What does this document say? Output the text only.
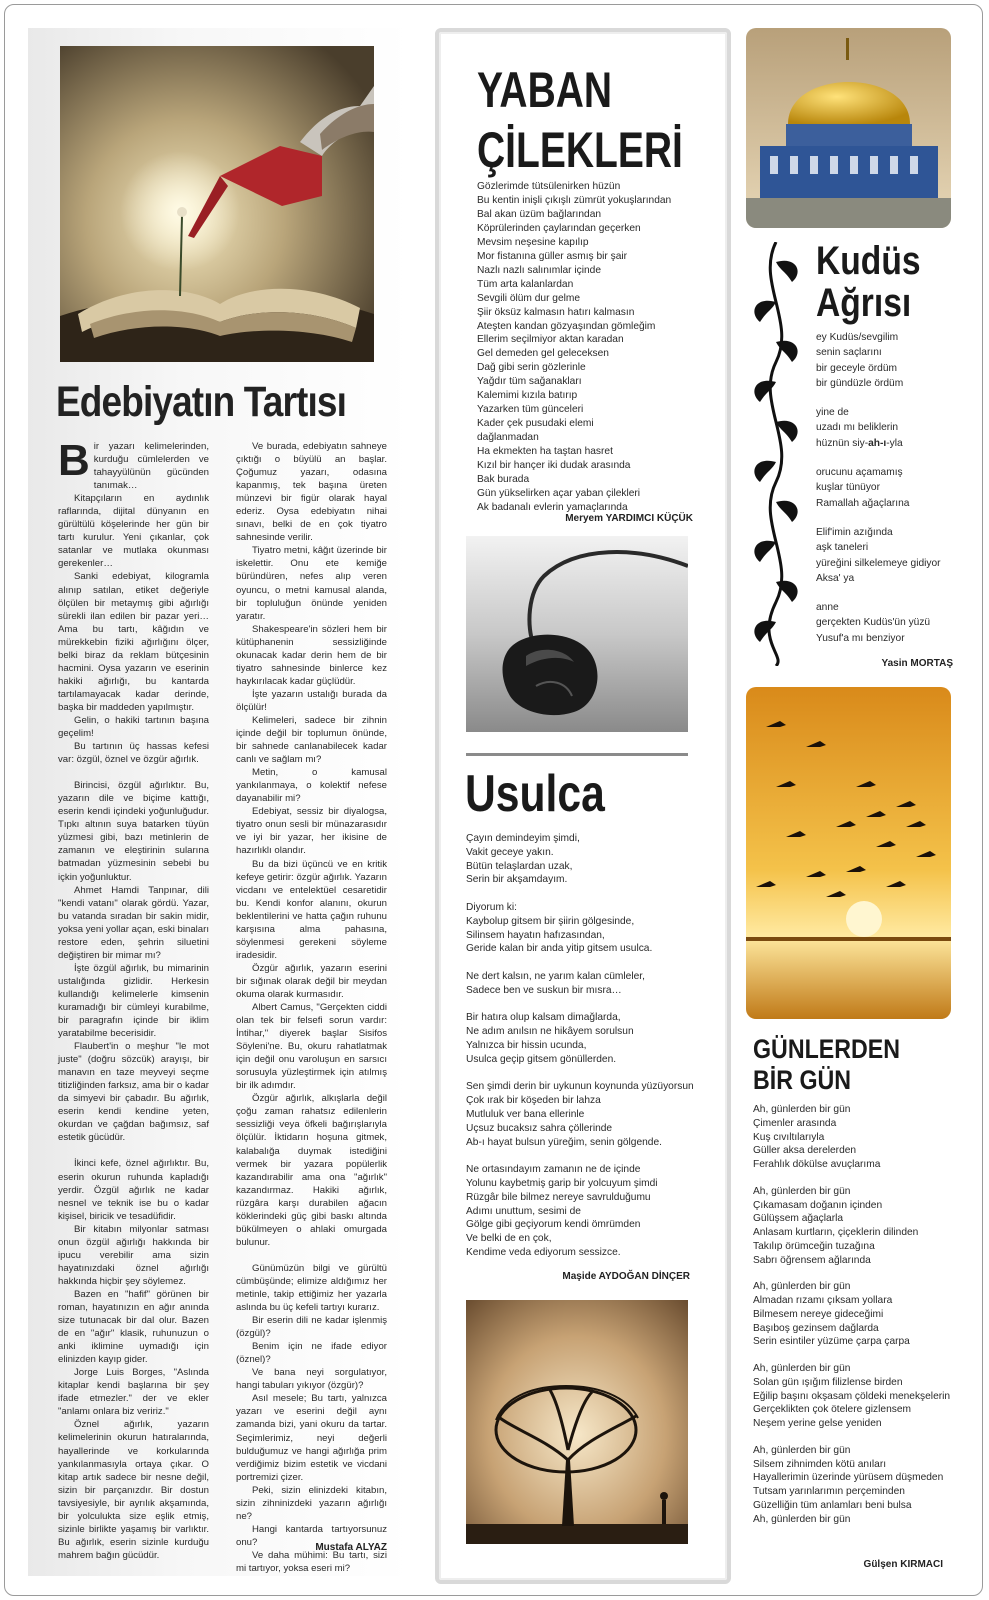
Edebiyatın Tartısı

Bir yazarı kelimelerinden, kurduğu cümlelerden ve tahayyülünün gücünden tanımak…

Kitapçıların en aydınlık raflarında, dijital dünyanın en gürültülü köşelerinde her gün bir tartı kurulur. Yeni çıkanlar, çok satanlar ve mutlaka okunması gerekenler…

Sanki edebiyat, kilogramla alınıp satılan, etiket değeriyle ölçülen bir metaymış gibi ağırlığı sürekli ilan edilen bir pazar yeri… Ama bu tartı, kâğıdın ve mürekkebin fiziki ağırlığını ölçer, belki biraz da reklam bütçesinin hacmini. Oysa yazarın ve eserinin hakiki ağırlığı, bu kantarda tartılamayacak kadar derinde, başka bir maddeden yapılmıştır.

Gelin, o hakiki tartının başına geçelim!

Bu tartının üç hassas kefesi var: özgül, öznel ve özgür ağırlık.

Birincisi, özgül ağırlıktır. Bu, yazarın dile ve biçime kattığı, eserin kendi içindeki yoğunluğudur. Tıpkı altının suya batarken tüyün yüzmesi gibi, bazı metinlerin de zamanın ve eleştirinin sularına batmadan yüzmesinin sebebi bu içkin yoğunluktur.

Ahmet Hamdi Tanpınar, dili "kendi vatanı" olarak gördü. Yazar, bu vatanda sıradan bir sakin midir, yoksa yeni yollar açan, eski binaları restore eden, şehrin siluetini değiştiren bir mimar mı?

İşte özgül ağırlık, bu mimarinin ustalığında gizlidir. Herkesin kullandığı kelimelerle kimsenin kuramadığı bir cümleyi kurabilme, bir paragrafın içinde bir iklim yaratabilme becerisidir.

Flaubert'in o meşhur "le mot juste" (doğru sözcük) arayışı, bir manavın en taze meyveyi seçme titizliğinden farksız, ama bir o kadar da simyevi bir çabadır. Bu ağırlık, eserin kendi kendine yeten, okurdan ve çağdan bağımsız, saf estetik gücüdür.

İkinci kefe, öznel ağırlıktır. Bu, eserin okurun ruhunda kapladığı yerdir. Özgül ağırlık ne kadar nesnel ve teknik ise bu o kadar kişisel, biricik ve tesadüfidir.

Bir kitabın milyonlar satması onun özgül ağırlığı hakkında bir ipucu verebilir ama sizin hayatınızdaki öznel ağırlığı hakkında hiçbir şey söylemez.

Bazen en "hafif" görünen bir roman, hayatınızın en ağır anında size tutunacak bir dal olur. Bazen de en "ağır" klasik, ruhunuzun o anki iklimine uymadığı için elinizden kayıp gider.

Jorge Luis Borges, "Aslında kitaplar kendi başlarına bir şey ifade etmezler." der ve ekler "anlamı onlara biz veririz."

Öznel ağırlık, yazarın kelimelerinin okurun hatıralarında, hayallerinde ve korkularında yankılanmasıyla ortaya çıkar. O kitap artık sadece bir nesne değil, sizin bir parçanızdır. Bir dostun tavsiyesiyle, bir ayrılık akşamında, bir yolculukta size eşlik etmiş, sizinle birlikte yaşamış bir varlıktır. Bu ağırlık, eserin sizinle kurduğu mahrem bağın gücüdür.

Ve burada, edebiyatın sahneye çıktığı o büyülü an başlar. Çoğumuz yazarı, odasına kapanmış, tek başına üreten münzevi bir figür olarak hayal ederiz. Oysa edebiyatın nihai sınavı, belki de en çok tiyatro sahnesinde verilir.

Tiyatro metni, kâğıt üzerinde bir iskelettir. Onu ete kemiğe büründüren, nefes alıp veren oyuncu, o metni kamusal alanda, bir topluluğun önünde yeniden yaratır.

Shakespeare'in sözleri hem bir kütüphanenin sessizliğinde okunacak kadar derin hem de bir tiyatro sahnesinde binlerce kez haykırılacak kadar güçlüdür.

İşte yazarın ustalığı burada da ölçülür!

Kelimeleri, sadece bir zihnin içinde değil bir toplumun önünde, bir sahnede canlanabilecek kadar canlı ve sağlam mı?

Metin, o kamusal yankılanmaya, o kolektif nefese dayanabilir mi?

Edebiyat, sessiz bir diyalogsa, tiyatro onun sesli bir münazarasıdır ve iyi bir yazar, her ikisine de hazırlıklı olandır.

Bu da bizi üçüncü ve en kritik kefeye getirir: özgür ağırlık. Yazarın vicdanı ve entelektüel cesaretidir bu. Kendi konfor alanını, okurun beklentilerini ve hatta çağın ruhunu karşısına alma pahasına, söylenmesi gerekeni söyleme iradesidir.

Özgür ağırlık, yazarın eserini bir sığınak olarak değil bir meydan okuma olarak kurmasıdır.

Albert Camus, "Gerçekten ciddi olan tek bir felsefi sorun vardır: İntihar," diyerek başlar Sisifos Söyleni'ne. Bu, okuru rahatlatmak için değil onu varoluşun en sarsıcı sorusuyla yüzleştirmek için atılmış bir ilk adımdır.

Özgür ağırlık, alkışlarla değil çoğu zaman rahatsız edilenlerin sessizliği veya öfkeli bağırışlarıyla ölçülür. İktidarın hoşuna gitmek, kalabalığa duymak istediğini vermek bir yazara popülerlik kazandırabilir ama ona "ağırlık" kazandırmaz. Hakiki ağırlık, rüzgâra karşı durabilen ağacın köklerindeki güç gibi baskı altında bükülmeyen o ahlaki omurgada bulunur.

Günümüzün bilgi ve gürültü cümbüşünde; elimize aldığımız her metinle, takip ettiğimiz her yazarla aslında bu üç kefeli tartıyı kurarız.

Bir eserin dili ne kadar işlenmiş (özgül)?

Benim için ne ifade ediyor (öznel)?

Ve bana neyi sorgulatıyor, hangi tabuları yıkıyor (özgür)?

Asıl mesele; Bu tartı, yalnızca yazarı ve eserini değil aynı zamanda bizi, yani okuru da tartar. Seçimlerimiz, neyi değerli bulduğumuz ve hangi ağırlığa prim verdiğimiz bizim estetik ve vicdani portremizi çizer.

Peki, sizin elinizdeki kitabın, sizin zihninizdeki yazarın ağırlığı ne?

Hangi kantarda tartıyorsunuz onu?

Ve daha mühimi: Bu tartı, sizi mi tartıyor, yoksa eseri mi?

Mustafa ALYAZ
YABAN
ÇİLEKLERİ
Gözlerimde tütsülenirken hüzün
Bu kentin inişli çıkışlı zümrüt yokuşlarından
Bal akan üzüm bağlarından
Köprülerinden çaylarından geçerken
Mevsim neşesine kapılıp
Mor fistanına güller asmış bir şair
Nazlı nazlı salınımlar içinde
Tüm arta kalanlardan
Sevgili ölüm dur gelme
Şiir öksüz kalmasın hatırı kalmasın
Ateşten kandan gözyaşından gömleğim
Ellerim seçilmiyor aktan karadan
Gel demeden gel geleceksen
Dağ gibi serin gözlerinle
Yağdır tüm sağanakları
Kalemimi kızıla batırıp
Yazarken tüm günceleri
Kader çek pusudaki elemi
dağlanmadan
Ha ekmekten ha taştan hasret
Kızıl bir hançer iki dudak arasında
Bak burada
Gün yükselirken açar yaban çilekleri
Ak badanalı evlerin yamaçlarında
Meryem YARDIMCI KÜÇÜK
Usulca
Çayın demindeyim şimdi,
Vakit geceye yakın.
Bütün telaşlardan uzak,
Serin bir akşamdayım.
Diyorum ki:
Kaybolup gitsem bir şiirin gölgesinde,
Silinsem hayatın hafızasından,
Geride kalan bir anda yitip gitsem usulca.
Ne dert kalsın, ne yarım kalan cümleler,
Sadece ben ve suskun bir mısra…
Bir hatıra olup kalsam dimağlarda,
Ne adım anılsın ne hikâyem sorulsun
Yalnızca bir hissin ucunda,
Usulca geçip gitsem gönüllerden.
Sen şimdi derin bir uykunun koynunda yüzüyorsun
Çok ırak bir köşeden bir lahza
Mutluluk ver bana ellerinle
Uçsuz bucaksız sahra çöllerinde
Ab-ı hayat bulsun yüreğim, senin gölgende.
Ne ortasındayım zamanın ne de içinde
Yolunu kaybetmiş garip bir yolcuyum şimdi
Rüzgâr bile bilmez nereye savrulduğumu
Adımı unuttum, sesimi de
Gölge gibi geçiyorum kendi ömrümden
Ve belki de en çok,
Kendime veda ediyorum sessizce.
Maşide AYDOĞAN DİNÇER
Kudüs
Ağrısı
ey Kudüs/sevgilim
senin saçlarını
bir geceyle ördüm
bir gündüzle ördüm
yine de
uzadı mı beliklerin
hüznün siy-ah-ı-yla
orucunu açamamış
kuşlar tünüyor
Ramallah ağaçlarına
Elif'imin azığında
aşk taneleri
yüreğini silkelemeye gidiyor
Aksa' ya
anne
gerçekten Kudüs'ün yüzü
Yusuf'a mı benziyor
Yasin MORTAŞ
GÜNLERDEN
BİR GÜN
Ah, günlerden bir gün
Çimenler arasında
Kuş cıvıltılarıyla
Güller aksa derelerden
Ferahlık dökülse avuçlarıma
Ah, günlerden bir gün
Çıkamasam doğanın içinden
Gülüşsem ağaçlarla
Anlasam kurtların, çiçeklerin dilinden
Takılıp örümceğin tuzağına
Sabrı öğrensem ağlarında
Ah, günlerden bir gün
Almadan rızamı çıksam yollara
Bilmesem nereye gideceğimi
Başıboş gezinsem dağlarda
Serin esintiler yüzüme çarpa çarpa
Ah, günlerden bir gün
Solan gün ışığım filizlense birden
Eğilip başını okşasam çöldeki menekşelerin
Gerçeklikten çok ötelere gizlensem
Neşem yerine gelse yeniden
Ah, günlerden bir gün
Silsem zihnimden kötü anıları
Hayallerimin üzerinde yürüsem düşmeden
Tutsam yarınlarımın perçeminden
Güzelliğin tüm anlamları beni bulsa
Ah, günlerden bir gün
Gülşen KIRMACI
